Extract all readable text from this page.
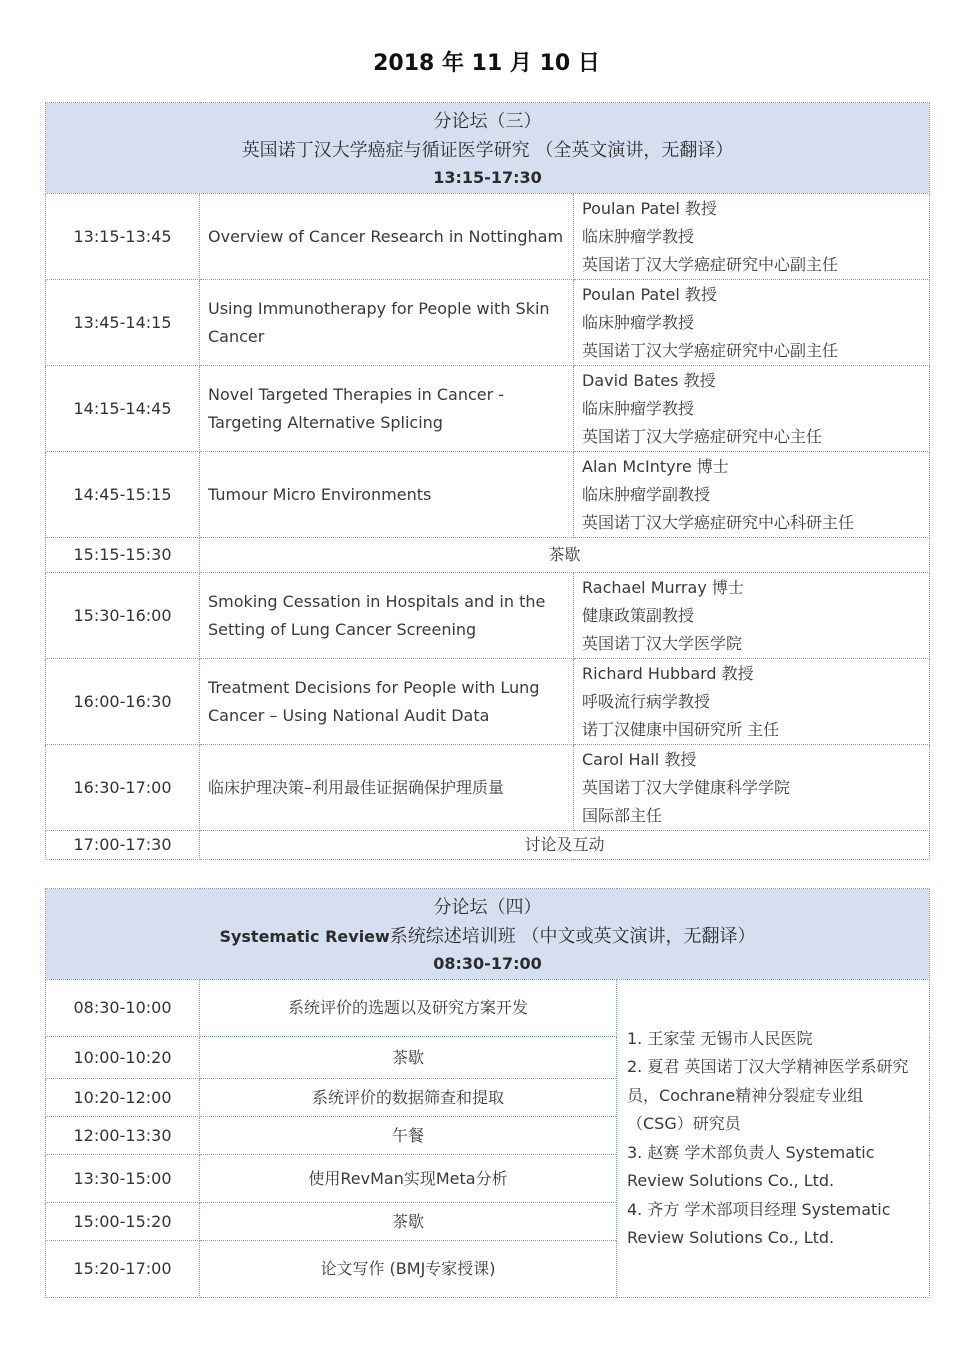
2018 年 11 月 10 日
分论坛（三）
英国诺丁汉大学癌症与循证医学研究 （全英文演讲，无翻译）
13:15-17:30		

13:15-13:45	Overview of Cancer Research in Nottingham	Poulan Patel 教授
临床肿瘤学教授
英国诺丁汉大学癌症研究中心副主任

13:45-14:15	Using Immunotherapy for People with Skin Cancer	Poulan Patel 教授
临床肿瘤学教授
英国诺丁汉大学癌症研究中心副主任

14:15-14:45	Novel Targeted Therapies in Cancer - Targeting Alternative Splicing	David Bates 教授
临床肿瘤学教授
英国诺丁汉大学癌症研究中心主任

14:45-15:15	Tumour Micro Environments	Alan McIntyre 博士
临床肿瘤学副教授
英国诺丁汉大学癌症研究中心科研主任

15:15-15:30	茶歇	
15:30-16:00	Smoking Cessation in Hospitals and in the Setting of Lung Cancer Screening	Rachael Murray 博士
健康政策副教授
英国诺丁汉大学医学院

16:00-16:30	Treatment Decisions for People with Lung Cancer – Using National Audit Data	Richard Hubbard 教授
呼吸流行病学教授
诺丁汉健康中国研究所 主任

16:30-17:00	临床护理决策–利用最佳证据确保护理质量	Carol Hall 教授
英国诺丁汉大学健康科学学院
国际部主任

17:00-17:30	讨论及互动	
分论坛（四）
Systematic Review系统综述培训班 （中文或英文演讲，无翻译）
08:30-17:00		

08:30-10:00	系统评价的选题以及研究方案开发	1. 王家莹 无锡市人民医院
2. 夏君 英国诺丁汉大学精神医学系研究员，Cochrane精神分裂症专业组（CSG）研究员
3. 赵赛 学术部负责人 Systematic Review Solutions Co., Ltd.
4. 齐方 学术部项目经理 Systematic Review Solutions Co., Ltd.

10:00-10:20	茶歇	
10:20-12:00	系统评价的数据筛查和提取	
12:00-13:30	午餐	
13:30-15:00	使用RevMan实现Meta分析	
15:00-15:20	茶歇	
15:20-17:00	论文写作 (BMJ专家授课)	
